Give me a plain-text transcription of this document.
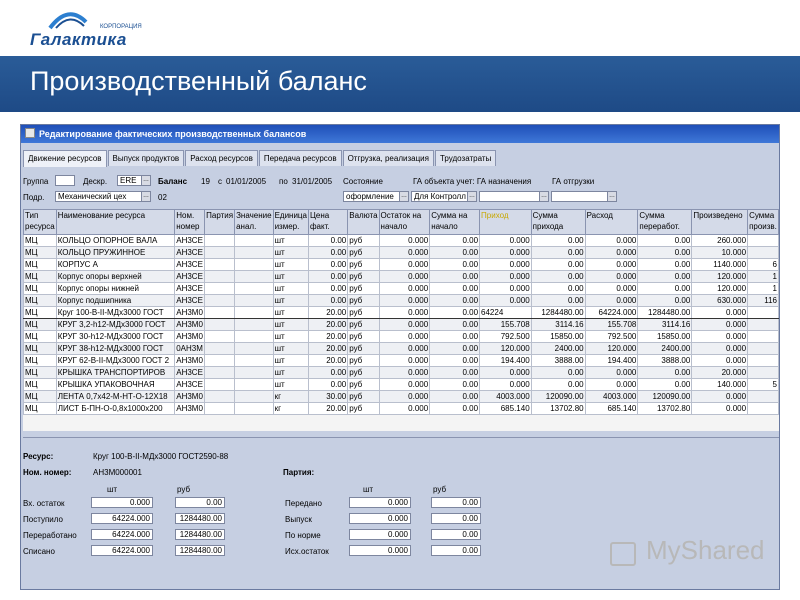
КОРПОРАЦИЯ
Галактика
Производственный баланс
Редактирование фактических производственных балансов
Движение ресурсов	Выпуск продуктов	Расход ресурсов	Передача ресурсов	Отгрузка, реализация	Трудозатраты
Группа	Дескр.	ERE	… Баланс 19 с 01/01/2005 по 31/01/2005 Состояние	ГА объекта учет: ГА назначения	ГА отгрузки
Подр.	Механический цех	… 02	оформление	… Для Контролл …	…	…
Тип ресурса	Наименование ресурса	Ном. номер	Партия	Значение анал.	Единица измер.	Цена факт.	Валюта	Остаток на начало	Сумма на начало	Приход	Сумма прихода	Расход	Сумма переработ.	Произведено	Сумма произв.
МЦ	КОЛЬЦО ОПОРНОЕ ВАЛА	АН3СЕ			шт	0.00	руб	0.000	0.00	0.000	0.00	0.000	0.00	260.000	
МЦ	КОЛЬЦО ПРУЖИННОЕ	АН3СЕ			шт	0.00	руб	0.000	0.00	0.000	0.00	0.000	0.00	10.000	
МЦ	КОРПУС А	АН3СЕ			шт	0.00	руб	0.000	0.00	0.000	0.00	0.000	0.00	1140.000	6
МЦ	Корпус опоры верхней	АН3СЕ			шт	0.00	руб	0.000	0.00	0.000	0.00	0.000	0.00	120.000	1
МЦ	Корпус опоры нижней	АН3СЕ			шт	0.00	руб	0.000	0.00	0.000	0.00	0.000	0.00	120.000	1
МЦ	Корпус подшипника	АН3СЕ			шт	0.00	руб	0.000	0.00	0.000	0.00	0.000	0.00	630.000	116
МЦ	Круг 100-В-ІІ-МДх3000 ГОСТ	АН3М0			шт	20.00	руб	0.000	0.00	64224	1284480.00	64224.000	1284480.00	0.000	
МЦ	КРУГ 3,2-h12-МДх3000 ГОСТ	АН3М0			шт	20.00	руб	0.000	0.00	155.708	3114.16	155.708	3114.16	0.000	
МЦ	КРУГ 30-h12-МДх3000 ГОСТ	АН3М0			шт	20.00	руб	0.000	0.00	792.500	15850.00	792.500	15850.00	0.000	
МЦ	КРУГ 38-h12-МДх3000 ГОСТ	0АН3М			шт	20.00	руб	0.000	0.00	120.000	2400.00	120.000	2400.00	0.000	
МЦ	КРУГ 62-В-ІІ-МДх3000 ГОСТ 2	АН3М0			шт	20.00	руб	0.000	0.00	194.400	3888.00	194.400	3888.00	0.000	
МЦ	КРЫШКА ТРАНСПОРТИРОВ	АН3СЕ			шт	0.00	руб	0.000	0.00	0.000	0.00	0.000	0.00	20.000	
МЦ	КРЫШКА УПАКОВОЧНАЯ	АН3СЕ			шт	0.00	руб	0.000	0.00	0.000	0.00	0.000	0.00	140.000	5
МЦ	ЛЕНТА 0,7х42-М-НТ-О-12Х18	АН3М0			кг	30.00	руб	0.000	0.00	4003.000	120090.00	4003.000	120090.00	0.000	
МЦ	ЛИСТ Б-ПН-О-0,8х1000х200	АН3М0			кг	20.00	руб	0.000	0.00	685.140	13702.80	685.140	13702.80	0.000	
Ресурс:	Круг 100-В-ІІ-МДх3000 ГОСТ2590-88
Ном. номер:	АН3М000001	Партия:
шт	руб	шт	руб
Вх. остаток	0.000	0.00
Поступило	64224.000	1284480.00
Переработано	64224.000	1284480.00
Списано	64224.000	1284480.00
Передано	0.000	0.00
Выпуск	0.000	0.00
По норме	0.000	0.00
Исх.остаток	0.000	0.00	MyShared
